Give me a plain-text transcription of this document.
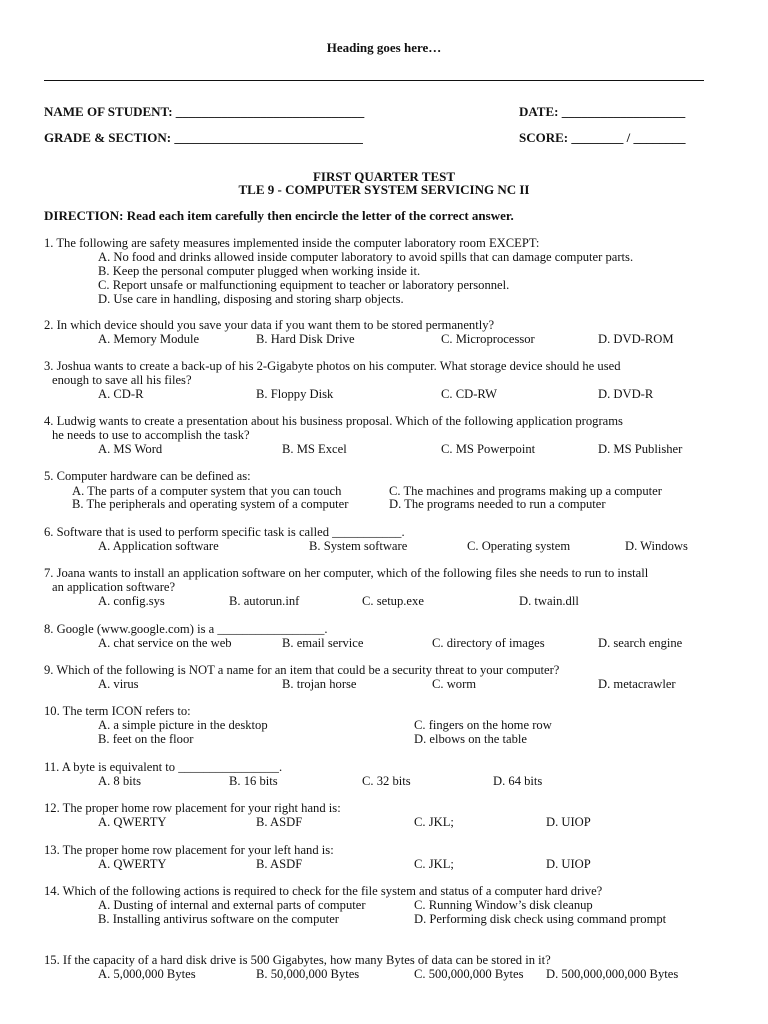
Heading goes here…
NAME OF STUDENT: _____________________________	DATE: ___________________
GRADE & SECTION: _____________________________	SCORE: ________ / ________
FIRST QUARTER TEST
TLE 9 - COMPUTER SYSTEM SERVICING NC II
DIRECTION: Read each item carefully then encircle the letter of the correct answer.
1. The following are safety measures implemented inside the computer laboratory room EXCEPT:
A. No food and drinks allowed inside computer laboratory to avoid spills that can damage computer parts.
B. Keep the personal computer plugged when working inside it.
C. Report unsafe or malfunctioning equipment to teacher or laboratory personnel.
D. Use care in handling, disposing and storing sharp objects.
2. In which device should you save your data if you want them to be stored permanently?
A. Memory Module	B. Hard Disk Drive	C. Microprocessor	D. DVD-ROM
3. Joshua wants to create a back-up of his 2-Gigabyte photos on his computer. What storage device should he used
enough to save all his files?
A. CD-R	B. Floppy Disk	C. CD-RW	D. DVD-R
4. Ludwig wants to create a presentation about his business proposal. Which of the following application programs
he needs to use to accomplish the task?
A. MS Word	B. MS Excel	C. MS Powerpoint	D. MS Publisher
5. Computer hardware can be defined as:
A. The parts of a computer system that you can touch	C. The machines and programs making up a computer
B. The peripherals and operating system of a computer	D. The programs needed to run a computer
6. Software that is used to perform specific task is called ___________.
A. Application software	B. System software	C. Operating system	D. Windows
7. Joana wants to install an application software on her computer, which of the following files she needs to run to install
an application software?
A. config.sys	B. autorun.inf	C. setup.exe	D. twain.dll
8. Google (www.google.com) is a _________________.
A. chat service on the web	B. email service	C. directory of images	D. search engine
9. Which of the following is NOT a name for an item that could be a security threat to your computer?
A. virus	B. trojan horse	C. worm	D. metacrawler
10. The term ICON refers to:
A. a simple picture in the desktop	C. fingers on the home row
B. feet on the floor	D. elbows on the table
11. A byte is equivalent to ________________.
A. 8 bits	B. 16 bits	C. 32 bits	D. 64 bits
12. The proper home row placement for your right hand is:
A. QWERTY	B. ASDF	C. JKL;	D. UIOP
13. The proper home row placement for your left hand is:
A. QWERTY	B. ASDF	C. JKL;	D. UIOP
14. Which of the following actions is required to check for the file system and status of a computer hard drive?
A. Dusting of internal and external parts of computer	C. Running Window’s disk cleanup
B. Installing antivirus software on the computer	D. Performing disk check using command prompt
15. If the capacity of a hard disk drive is 500 Gigabytes, how many Bytes of data can be stored in it?
A. 5,000,000 Bytes	B. 50,000,000 Bytes	C. 500,000,000 Bytes D. 500,000,000,000 Bytes
